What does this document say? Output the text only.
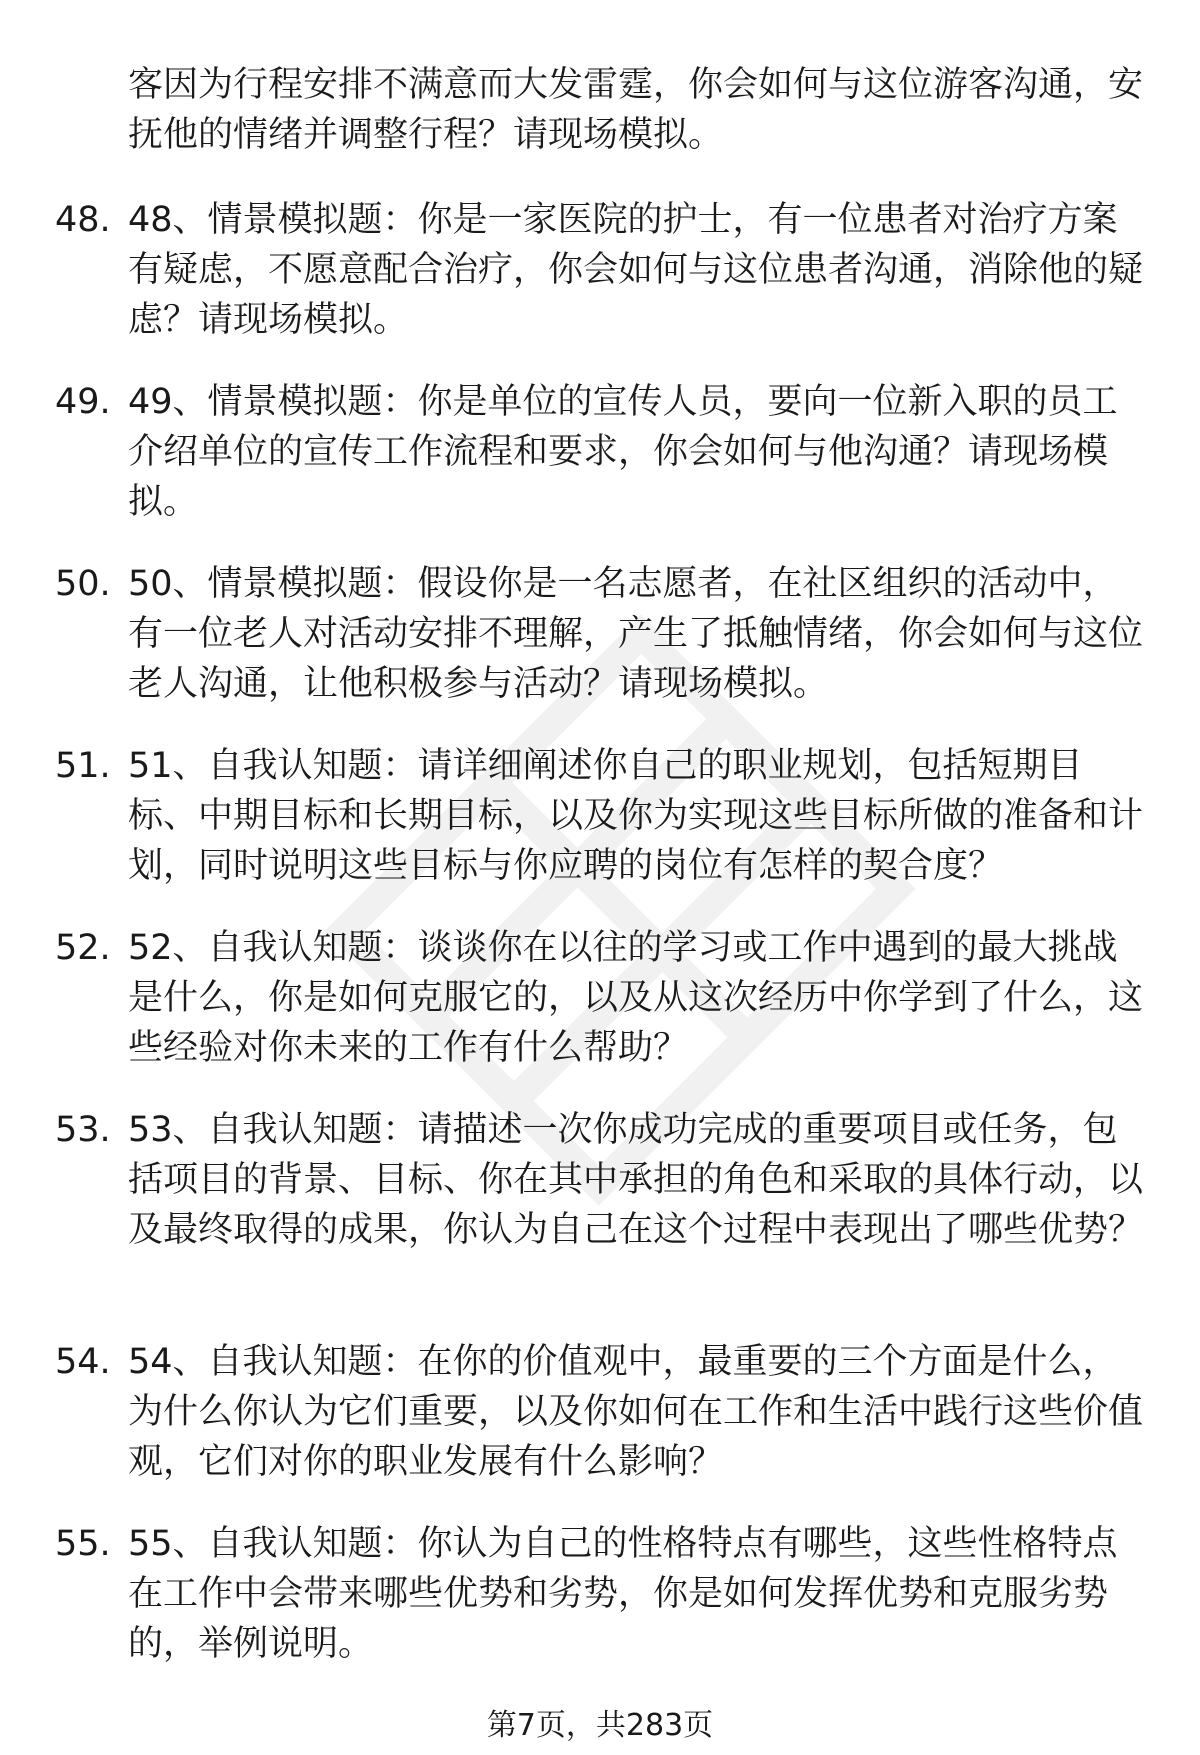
客因为行程安排不满意而大发雷霆，你会如何与这位游客沟通，安抚他的情绪并调整行程？请现场模拟。

48. 48、情景模拟题：你是一家医院的护士，有一位患者对治疗方案有疑虑，不愿意配合治疗，你会如何与这位患者沟通，消除他的疑虑？请现场模拟。

49. 49、情景模拟题：你是单位的宣传人员，要向一位新入职的员工介绍单位的宣传工作流程和要求，你会如何与他沟通？请现场模拟。

50. 50、情景模拟题：假设你是一名志愿者，在社区组织的活动中，有一位老人对活动安排不理解，产生了抵触情绪，你会如何与这位老人沟通，让他积极参与活动？请现场模拟。

51. 51、自我认知题：请详细阐述你自己的职业规划，包括短期目标、中期目标和长期目标，以及你为实现这些目标所做的准备和计划，同时说明这些目标与你应聘的岗位有怎样的契合度？

52. 52、自我认知题：谈谈你在以往的学习或工作中遇到的最大挑战是什么，你是如何克服它的，以及从这次经历中你学到了什么，这些经验对你未来的工作有什么帮助？

53. 53、自我认知题：请描述一次你成功完成的重要项目或任务，包括项目的背景、目标、你在其中承担的角色和采取的具体行动，以及最终取得的成果，你认为自己在这个过程中表现出了哪些优势？

54. 54、自我认知题：在你的价值观中，最重要的三个方面是什么，为什么你认为它们重要，以及你如何在工作和生活中践行这些价值观，它们对你的职业发展有什么影响？

55. 55、自我认知题：你认为自己的性格特点有哪些，这些性格特点在工作中会带来哪些优势和劣势，你是如何发挥优势和克服劣势的，举例说明。

第7页，共283页
